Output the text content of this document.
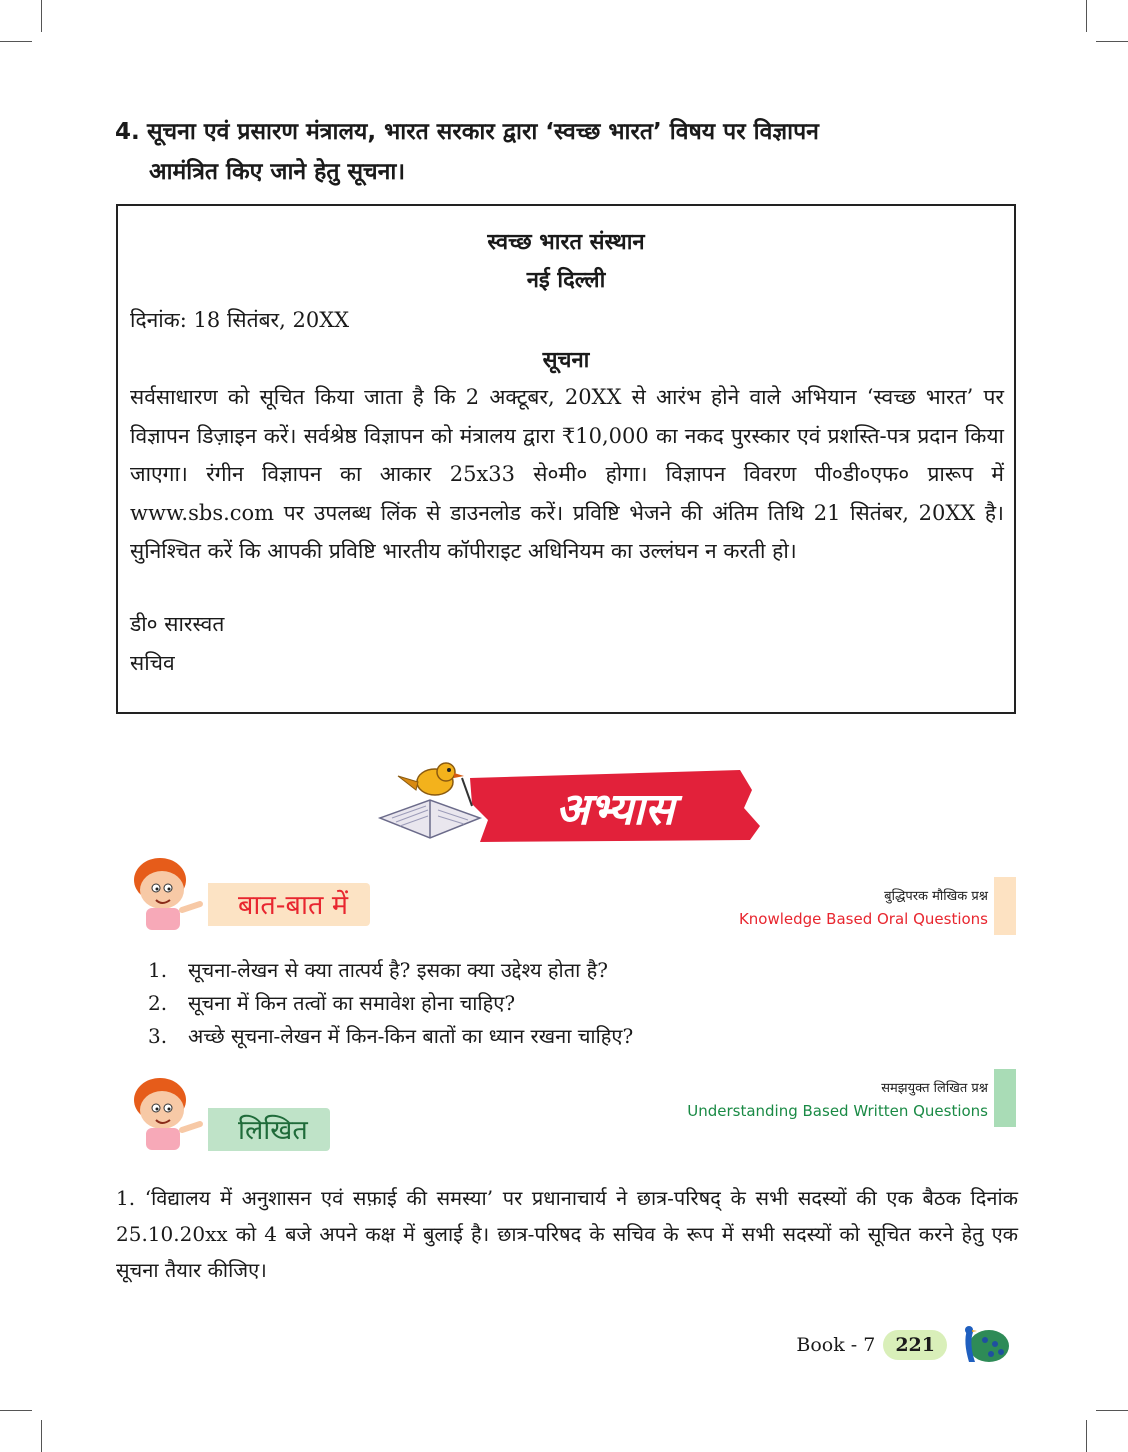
4. सूचना एवं प्रसारण मंत्रालय, भारत सरकार द्वारा ‘स्वच्छ भारत’ विषय पर विज्ञापन
आमंत्रित किए जाने हेतु सूचना।
स्वच्छ भारत संस्थान
नई दिल्ली
दिनांक: 18 सितंबर, 20XX
सूचना
सर्वसाधारण को सूचित किया जाता है कि 2 अक्टूबर, 20XX से आरंभ होने वाले अभियान ‘स्वच्छ भारत’ पर विज्ञापन डिज़ाइन करें। सर्वश्रेष्ठ विज्ञापन को मंत्रालय द्वारा ₹10,000 का नकद पुरस्कार एवं प्रशस्ति-पत्र प्रदान किया जाएगा। रंगीन विज्ञापन का आकार 25x33 से०मी० होगा। विज्ञापन विवरण पी०डी०एफ० प्रारूप में www.sbs.com पर उपलब्ध लिंक से डाउनलोड करें। प्रविष्टि भेजने की अंतिम तिथि 21 सितंबर, 20XX है। सुनिश्चित करें कि आपकी प्रविष्टि भारतीय कॉपीराइट अधिनियम का उल्लंघन न करती हो।
डी० सारस्वत
सचिव
अभ्यास
बात-बात में	बुद्धिपरक मौखिक प्रश्न
Knowledge Based Oral Questions
1. सूचना-लेखन से क्या तात्पर्य है? इसका क्या उद्देश्य होता है?
2. सूचना में किन तत्वों का समावेश होना चाहिए?
3. अच्छे सूचना-लेखन में किन-किन बातों का ध्यान रखना चाहिए?
लिखित
समझयुक्त लिखित प्रश्न
Understanding Based Written Questions
1. ‘विद्यालय में अनुशासन एवं सफ़ाई की समस्या’ पर प्रधानाचार्य ने छात्र-परिषद् के सभी सदस्यों की एक बैठक दिनांक 25.10.20xx को 4 बजे अपने कक्ष में बुलाई है। छात्र-परिषद के सचिव के रूप में सभी सदस्यों को सूचित करने हेतु एक सूचना तैयार कीजिए।
Book - 7	221
